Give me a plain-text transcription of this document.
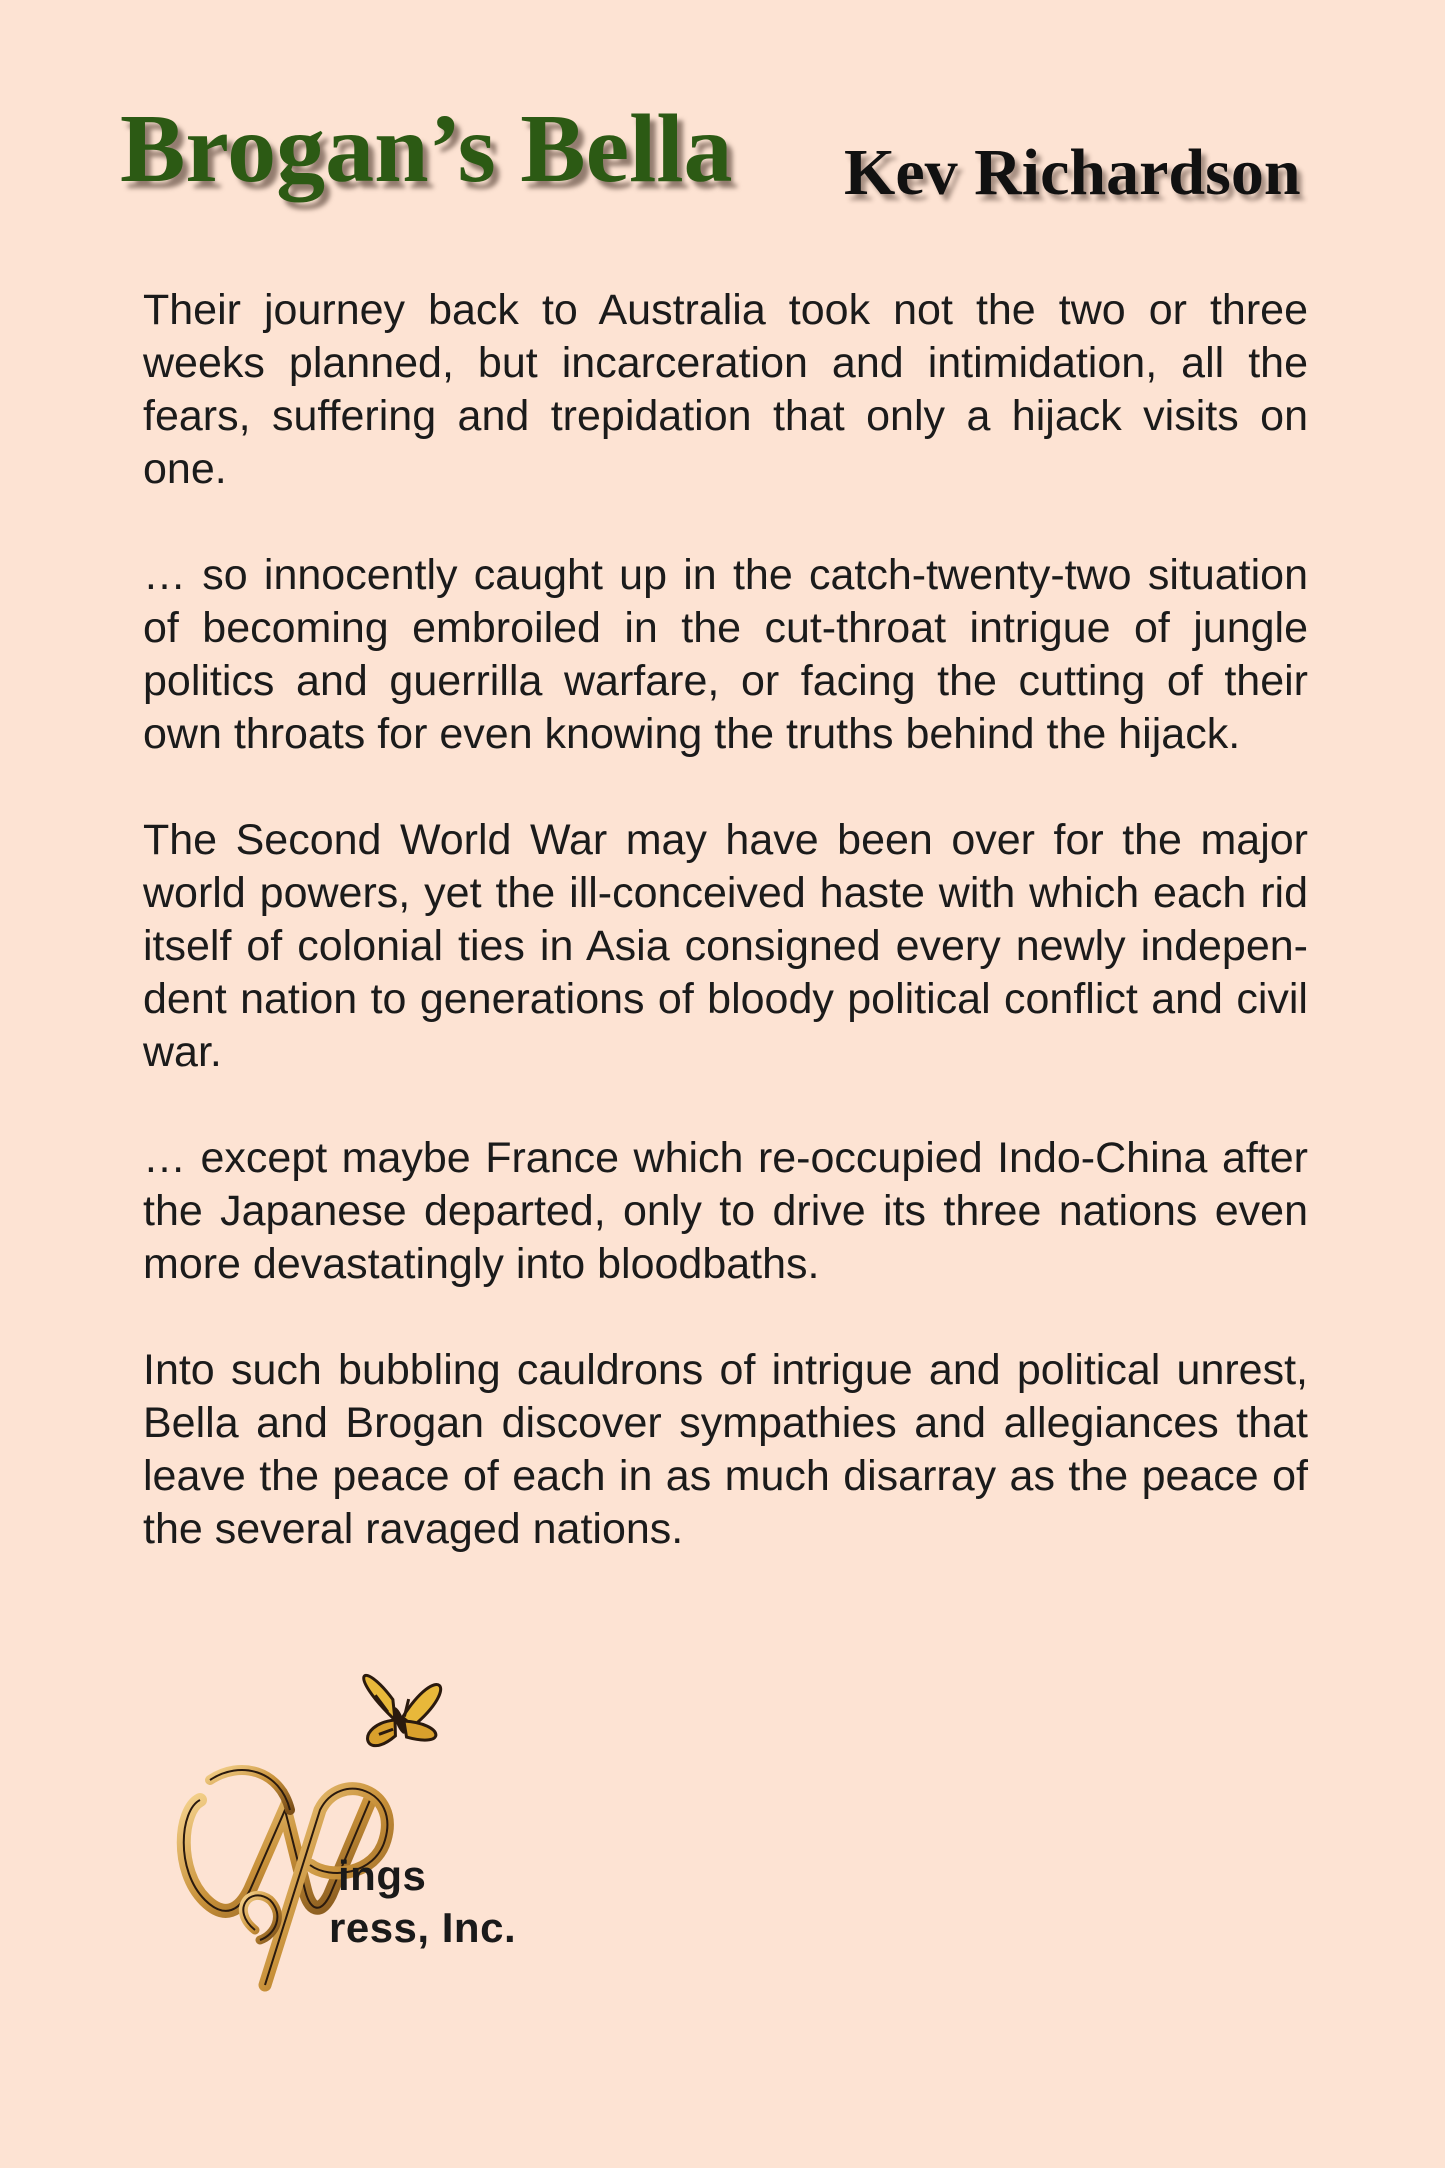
Brogan’s Bella Kev Richardson

Their journey back to Australia took not the two or three weeks planned, but incarceration and intimidation, all the fears, suffering and trepidation that only a hijack visits on one.

… so innocently caught up in the catch-twenty-two situation of becoming embroiled in the cut-throat intrigue of jungle politics and guerrilla warfare, or facing the cutting of their own throats for even knowing the truths behind the hijack.

The Second World War may have been over for the major world powers, yet the ill-conceived haste with which each rid itself of colonial ties in Asia consigned every newly indepen-dent nation to generations of bloody political conflict and civil war.

… except maybe France which re-occupied Indo-China after the Japanese departed, only to drive its three nations even more devastatingly into bloodbaths.

Into such bubbling cauldrons of intrigue and political unrest, Bella and Brogan discover sympathies and allegiances that leave the peace of each in as much disarray as the peace of the several ravaged nations.

ings
ress, Inc.
